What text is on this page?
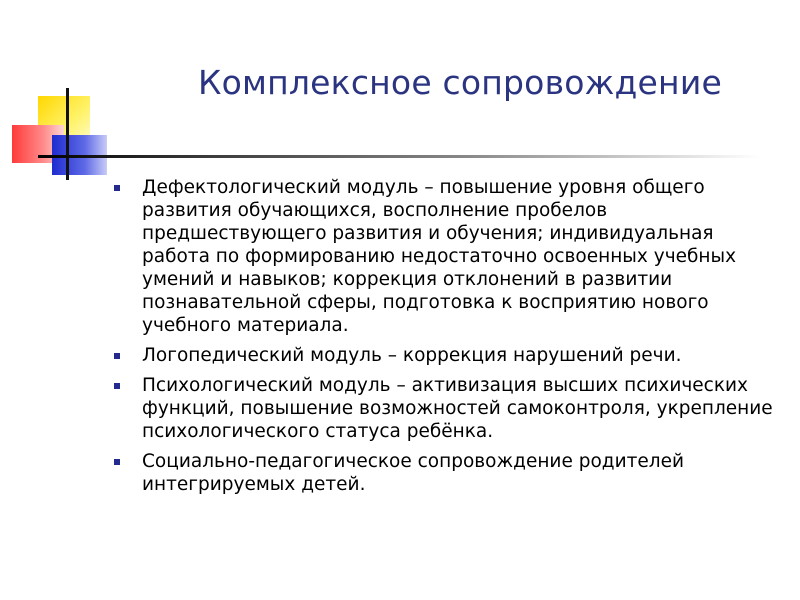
Комплексное сопровождение
Дефектологический модуль – повышение уровня общего развития обучающихся, восполнение пробелов предшествующего развития и обучения; индивидуальная работа по формированию недостаточно освоенных учебных умений и навыков; коррекция отклонений в развитии познавательной сферы, подготовка к восприятию нового учебного материала.
Логопедический модуль – коррекция нарушений речи.
Психологический модуль – активизация высших психических функций, повышение возможностей самоконтроля, укрепление психологического статуса ребёнка.
Социально-педагогическое сопровождение родителей интегрируемых детей.
